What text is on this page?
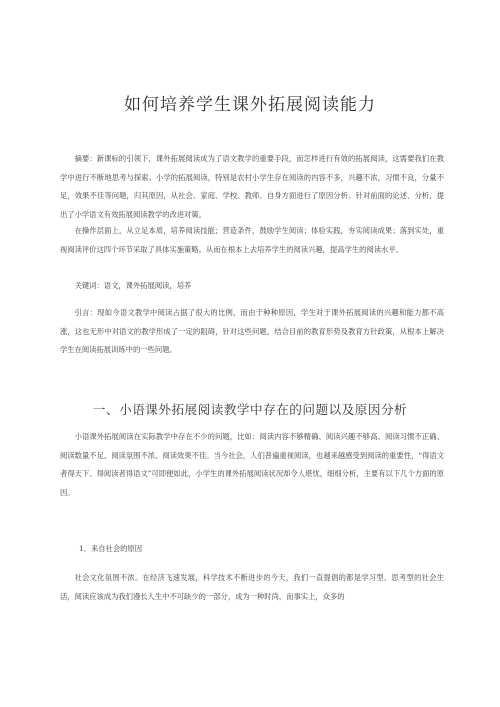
如何培养学生课外拓展阅读能力

摘要：新课标的引领下，课外拓展阅读成为了语文教学的重要手段，而怎样进行有效的拓展阅读，这需要我们在教学中进行不断地思考与探索。小学的拓展阅读，特别是农村小学生存在阅读的内容不多，兴趣不浓，习惯不良，分量不足，效果不佳等问题，归其原因，从社会、家庭、学校、教师、自身方面进行了原因分析。针对前面的论述、分析，提出了小学语文有效拓展阅读教学的改进对策。

在操作层面上，从立足本质，培养阅读技能；营造条件，鼓励学生阅读；体验实践，夯实阅读成果；落到实处，重视阅读评价这四个环节采取了具体实施策略。从而在根本上去培养学生的阅读兴趣，提高学生的阅读水平。

关键词：语文，课外拓展阅读，培养

引言：现如今语文教学中阅读占据了很大的比例，而由于种种原因，学生对于课外拓展阅读的兴趣和能力都不高涨，这也无形中对语文的教学形成了一定的阻碍，针对这些问题，结合目前的教育形势及教育方针政策，从根本上解决学生在阅读拓展训练中的一些问题。

一、小语课外拓展阅读教学中存在的问题以及原因分析

小语课外拓展阅读在实际教学中存在不少的问题，比如：阅读内容不够精确、阅读兴趣不够高、阅读习惯不正确、阅读数量不足、阅读氛围不浓、阅读效果不佳。当今社会，人们普遍重视阅读，也越来越感受到阅读的重要性，“得语文者得天下、得阅读者得语文”可即便如此，小学生的课外拓展阅读状况却令人堪忧，细细分析，主要有以下几个方面的原因。

1．来自社会的原因

社会文化氛围不浓。在经济飞速发展，科学技术不断进步的今天，我们一直提倡的都是学习型、思考型的社会生活，阅读应该成为我们漫长人生中不可缺少的一部分，成为一种时尚，而事实上，众多的
